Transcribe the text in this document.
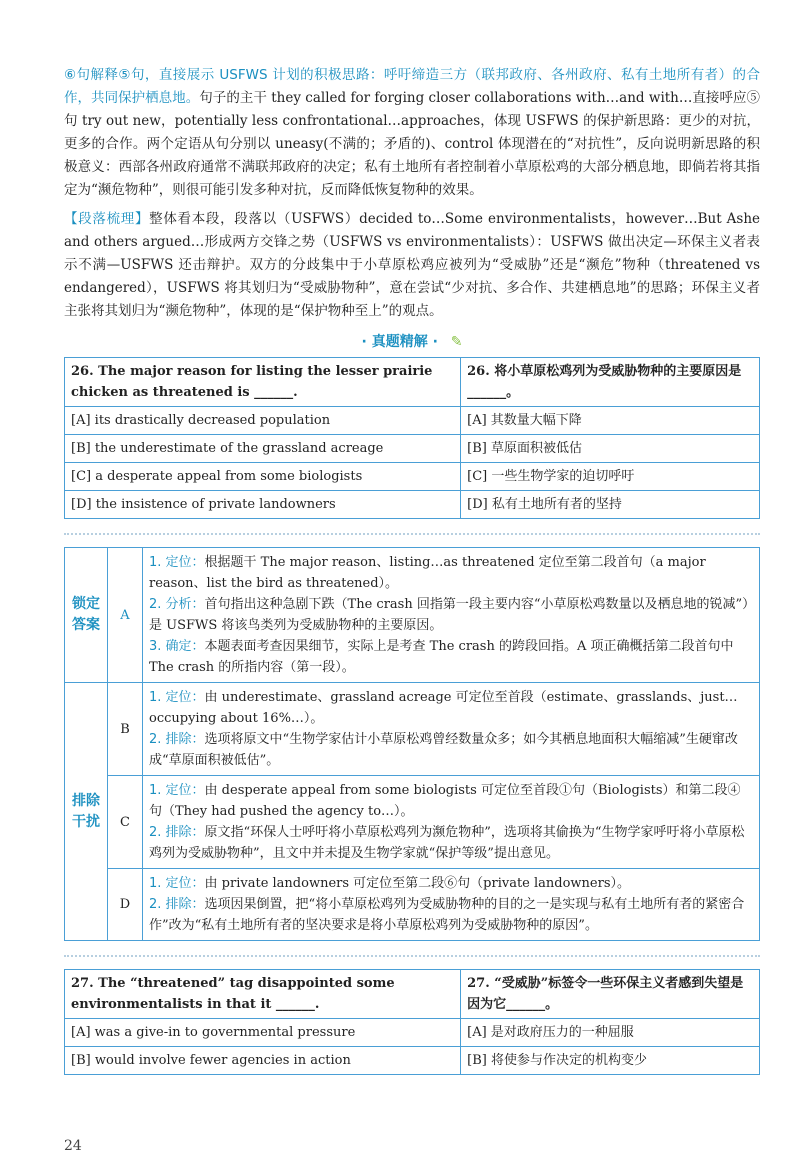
⑥句解释⑤句，直接展示 USFWS 计划的积极思路：呼吁缔造三方（联邦政府、各州政府、私有土地所有者）的合作，共同保护栖息地。句子的主干 they called for forging closer collaborations with…and with…直接呼应⑤句 try out new，potentially less confrontational…approaches，体现 USFWS 的保护新思路：更少的对抗，更多的合作。两个定语从句分别以 uneasy(不满的；矛盾的)、control 体现潜在的“对抗性”，反向说明新思路的积极意义：西部各州政府通常不满联邦政府的决定；私有土地所有者控制着小草原松鸡的大部分栖息地，即倘若将其指定为“濒危物种”，则很可能引发多种对抗，反而降低恢复物种的效果。

【段落梳理】整体看本段，段落以（USFWS）decided to…Some environmentalists，however…But Ashe and others argued…形成两方交锋之势（USFWS vs environmentalists）：USFWS 做出决定—环保主义者表示不满—USFWS 还击辩护。双方的分歧集中于小草原松鸡应被列为“受威胁”还是“濒危”物种（threatened vs endangered），USFWS 将其划归为“受威胁物种”，意在尝试“少对抗、多合作、共建栖息地”的思路；环保主义者主张将其划归为“濒危物种”，体现的是“保护物种至上”的观点。

· 真题精解 · ✎
26. The major reason for listing the lesser prairie chicken as threatened is ______.	26. 将小草原松鸡列为受威胁物种的主要原因是______。
[A] its drastically decreased population	[A] 其数量大幅下降
[B] the underestimate of the grassland acreage	[B] 草原面积被低估
[C] a desperate appeal from some biologists	[C] 一些生物学家的迫切呼吁
[D] the insistence of private landowners	[D] 私有土地所有者的坚持
锁定答案	A	1. 定位：根据题干 The major reason、listing…as threatened 定位至第二段首句（a major reason、list the bird as threatened）。

2. 分析：首句指出这种急剧下跌（The crash 回指第一段主要内容“小草原松鸡数量以及栖息地的锐减”）是 USFWS 将该鸟类列为受威胁物种的主要原因。

3. 确定：本题表面考查因果细节，实际上是考查 The crash 的跨段回指。A 项正确概括第二段首句中 The crash 的所指内容（第一段）。

排除干扰	B	1. 定位：由 underestimate、grassland acreage 可定位至首段（estimate、grasslands、just…occupying about 16%…）。

2. 排除：选项将原文中“生物学家估计小草原松鸡曾经数量众多；如今其栖息地面积大幅缩减”生硬窜改成“草原面积被低估”。

	C	1. 定位：由 desperate appeal from some biologists 可定位至首段①句（Biologists）和第二段④句（They had pushed the agency to…）。

2. 排除：原文指“环保人士呼吁将小草原松鸡列为濒危物种”，选项将其偷换为“生物学家呼吁将小草原松鸡列为受威胁物种”，且文中并未提及生物学家就“保护等级”提出意见。

	D	1. 定位：由 private landowners 可定位至第二段⑥句（private landowners）。

2. 排除：选项因果倒置，把“将小草原松鸡列为受威胁物种的目的之一是实现与私有土地所有者的紧密合作”改为“私有土地所有者的坚决要求是将小草原松鸡列为受威胁物种的原因”。

27. The “threatened” tag disappointed some environmentalists in that it ______.	27. “受威胁”标签令一些环保主义者感到失望是因为它______。
[A] was a give-in to governmental pressure	[A] 是对政府压力的一种屈服
[B] would involve fewer agencies in action	[B] 将使参与作决定的机构变少
24
